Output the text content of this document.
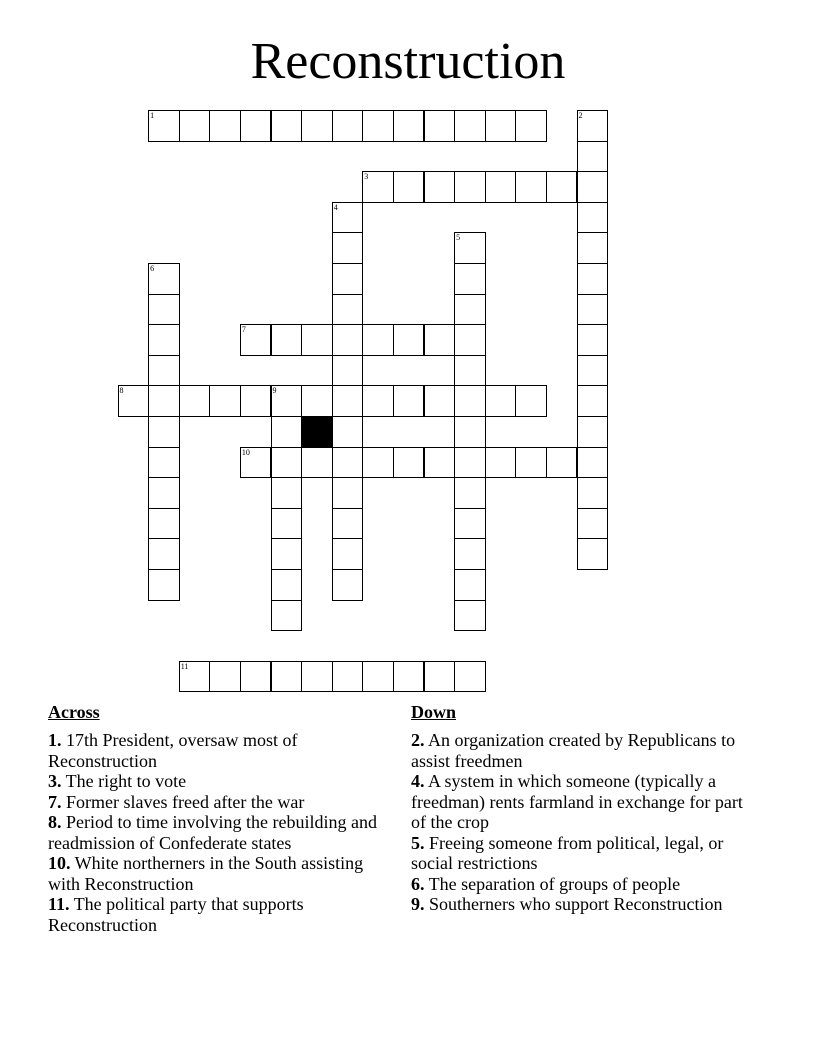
Reconstruction
1
3
7
8	9
10
11
2
4
5
6
Across

1. 17th President, oversaw most of Reconstruction

3. The right to vote

7. Former slaves freed after the war

8. Period to time involving the rebuilding and readmission of Confederate states

10. White northerners in the South assisting with Reconstruction

11. The political party that supports Reconstruction

Down

2. An organization created by Republicans to assist freedmen

4. A system in which someone (typically a freedman) rents farmland in exchange for part of the crop

5. Freeing someone from political, legal, or social restrictions

6. The separation of groups of people

9. Southerners who support Reconstruction
